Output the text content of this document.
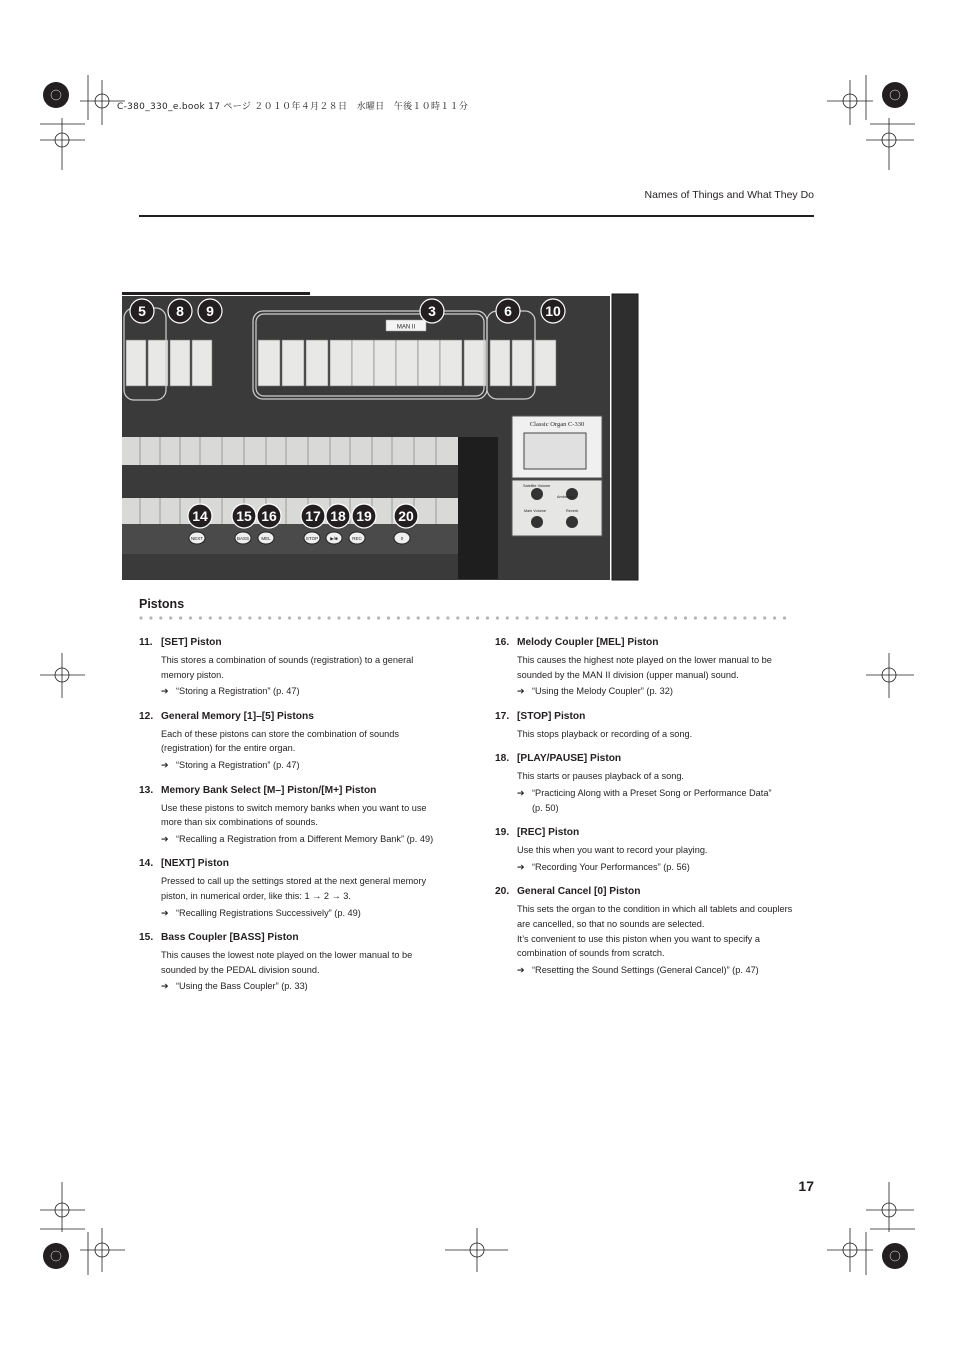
C-380_330_e.book 17 ページ ２０１０年４月２８日　水曜日　午後１０時１１分
Names of Things and What They Do
MAN II
Classic Organ C-330
Satellite Volume
Ambience
Main Volume	Reverb
NEXT	BASS	MEL	STOP	▶/■	REC	0
5 8 9	3	6 10
14 15 16 17 18 19 20
Pistons
11. [SET] Piston

This stores a combination of sounds (registration) to a general
memory piston.

➔ “Storing a Registration” (p. 47)
12. General Memory [1]–[5] Pistons

Each of these pistons can store the combination of sounds
(registration) for the entire organ.

➔ “Storing a Registration” (p. 47)
13. Memory Bank Select [M–] Piston/[M+] Piston

Use these pistons to switch memory banks when you want to use
more than six combinations of sounds.

➔ “Recalling a Registration from a Different Memory Bank” (p. 49)
14. [NEXT] Piston

Pressed to call up the settings stored at the next general memory
piston, in numerical order, like this: 1 → 2 → 3.

➔ “Recalling Registrations Successively” (p. 49)
15. Bass Coupler [BASS] Piston

This causes the lowest note played on the lower manual to be
sounded by the PEDAL division sound.

➔ “Using the Bass Coupler” (p. 33)
16. Melody Coupler [MEL] Piston

This causes the highest note played on the lower manual to be
sounded by the MAN II division (upper manual) sound.

➔ “Using the Melody Coupler” (p. 32)
17. [STOP] Piston

This stops playback or recording of a song.

18. [PLAY/PAUSE] Piston

This starts or pauses playback of a song.

➔ “Practicing Along with a Preset Song or Performance Data”
(p. 50)
19. [REC] Piston

Use this when you want to record your playing.

➔ “Recording Your Performances” (p. 56)
20. General Cancel [0] Piston

This sets the organ to the condition in which all tablets and couplers
are cancelled, so that no sounds are selected.
It’s convenient to use this piston when you want to specify a
combination of sounds from scratch.

➔ “Resetting the Sound Settings (General Cancel)” (p. 47)
17
